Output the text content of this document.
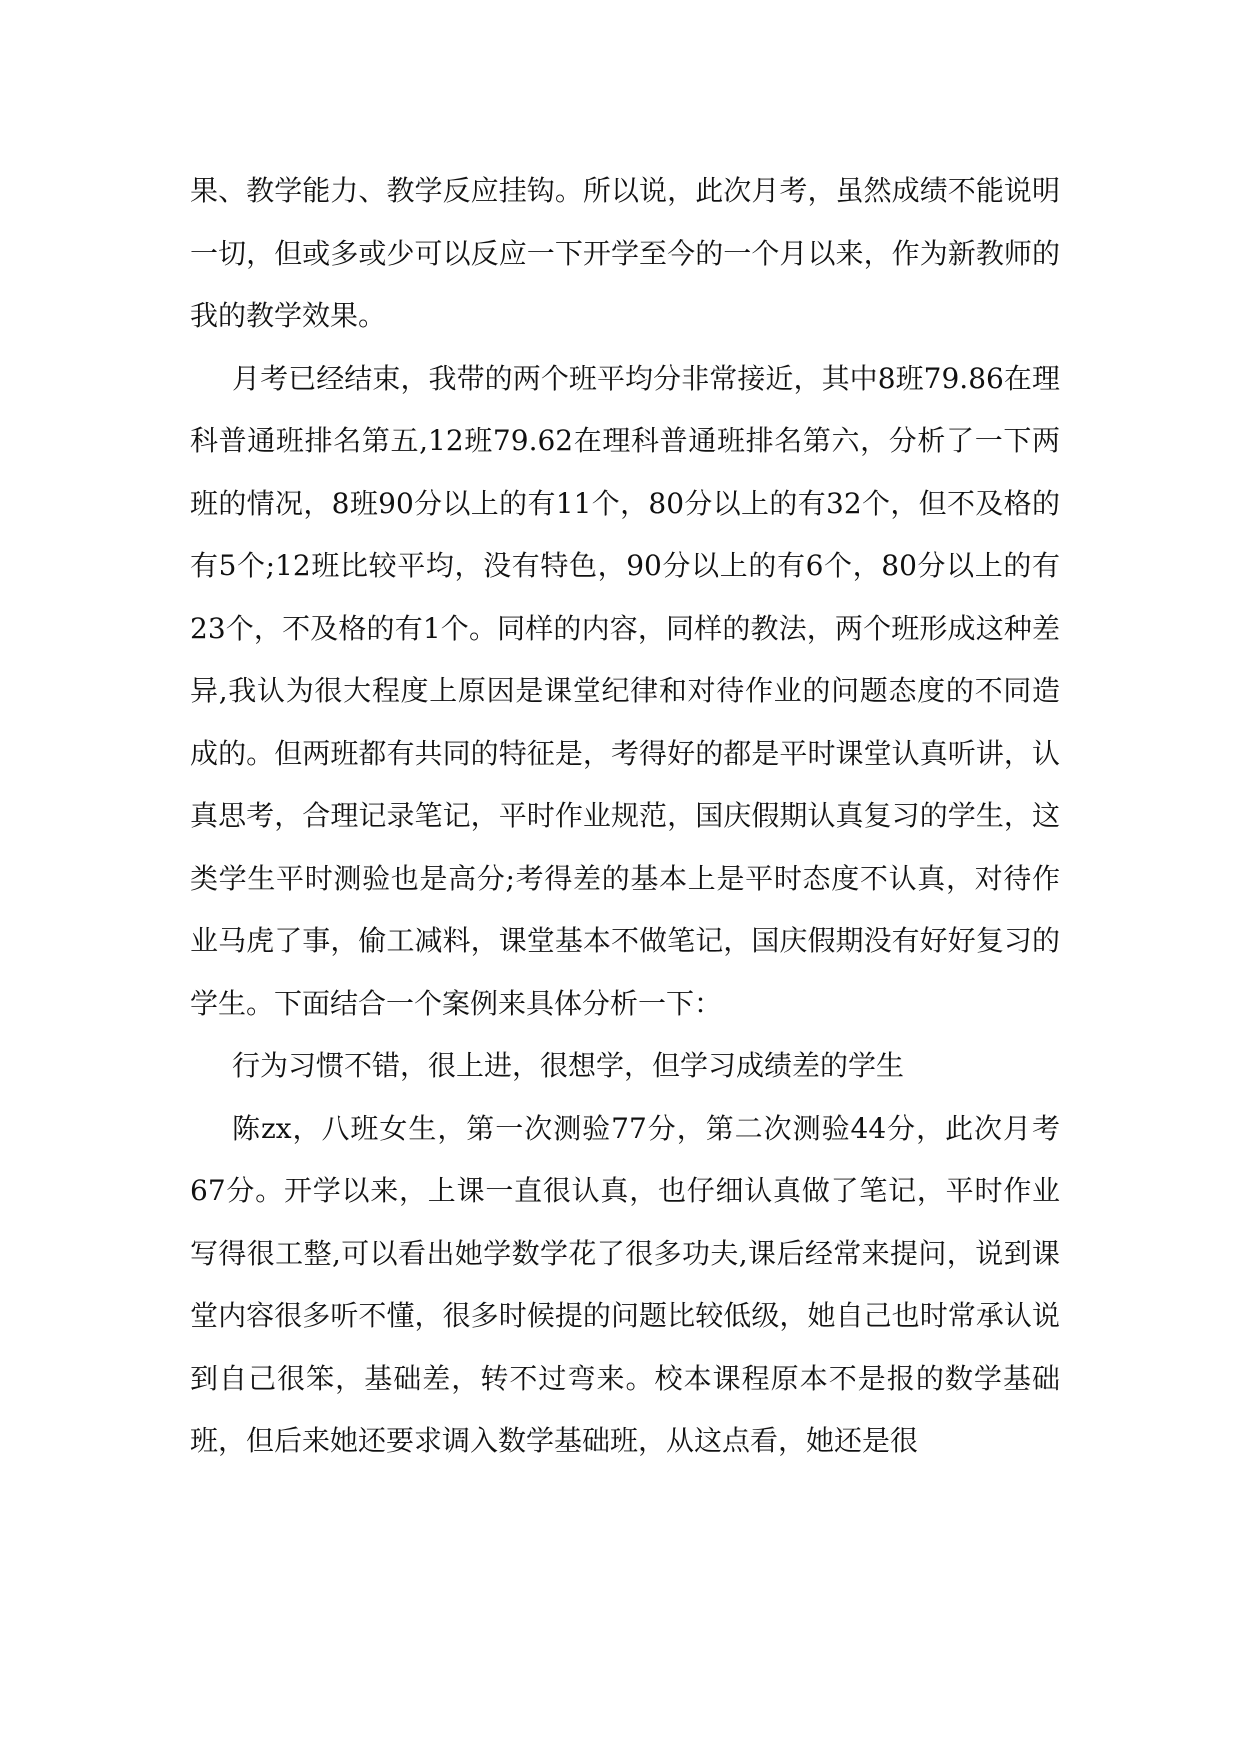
果、教学能力、教学反应挂钩。所以说，此次月考，虽然成绩不能说明一切，但或多或少可以反应一下开学至今的一个月以来，作为新教师的我的教学效果。

月考已经结束，我带的两个班平均分非常接近，其中8班79.86在理科普通班排名第五,12班79.62在理科普通班排名第六，分析了一下两班的情况，8班90分以上的有11个，80分以上的有32个，但不及格的有5个;12班比较平均，没有特色，90分以上的有6个，80分以上的有23个，不及格的有1个。同样的内容，同样的教法，两个班形成这种差异,我认为很大程度上原因是课堂纪律和对待作业的问题态度的不同造成的。但两班都有共同的特征是，考得好的都是平时课堂认真听讲，认真思考，合理记录笔记，平时作业规范，国庆假期认真复习的学生，这类学生平时测验也是高分;考得差的基本上是平时态度不认真，对待作业马虎了事，偷工减料，课堂基本不做笔记，国庆假期没有好好复习的学生。下面结合一个案例来具体分析一下：

行为习惯不错，很上进，很想学，但学习成绩差的学生

陈zx，八班女生，第一次测验77分，第二次测验44分，此次月考67分。开学以来，上课一直很认真，也仔细认真做了笔记，平时作业写得很工整,可以看出她学数学花了很多功夫,课后经常来提问，说到课堂内容很多听不懂，很多时候提的问题比较低级，她自己也时常承认说到自己很笨，基础差，转不过弯来。校本课程原本不是报的数学基础班，但后来她还要求调入数学基础班，从这点看，她还是很
